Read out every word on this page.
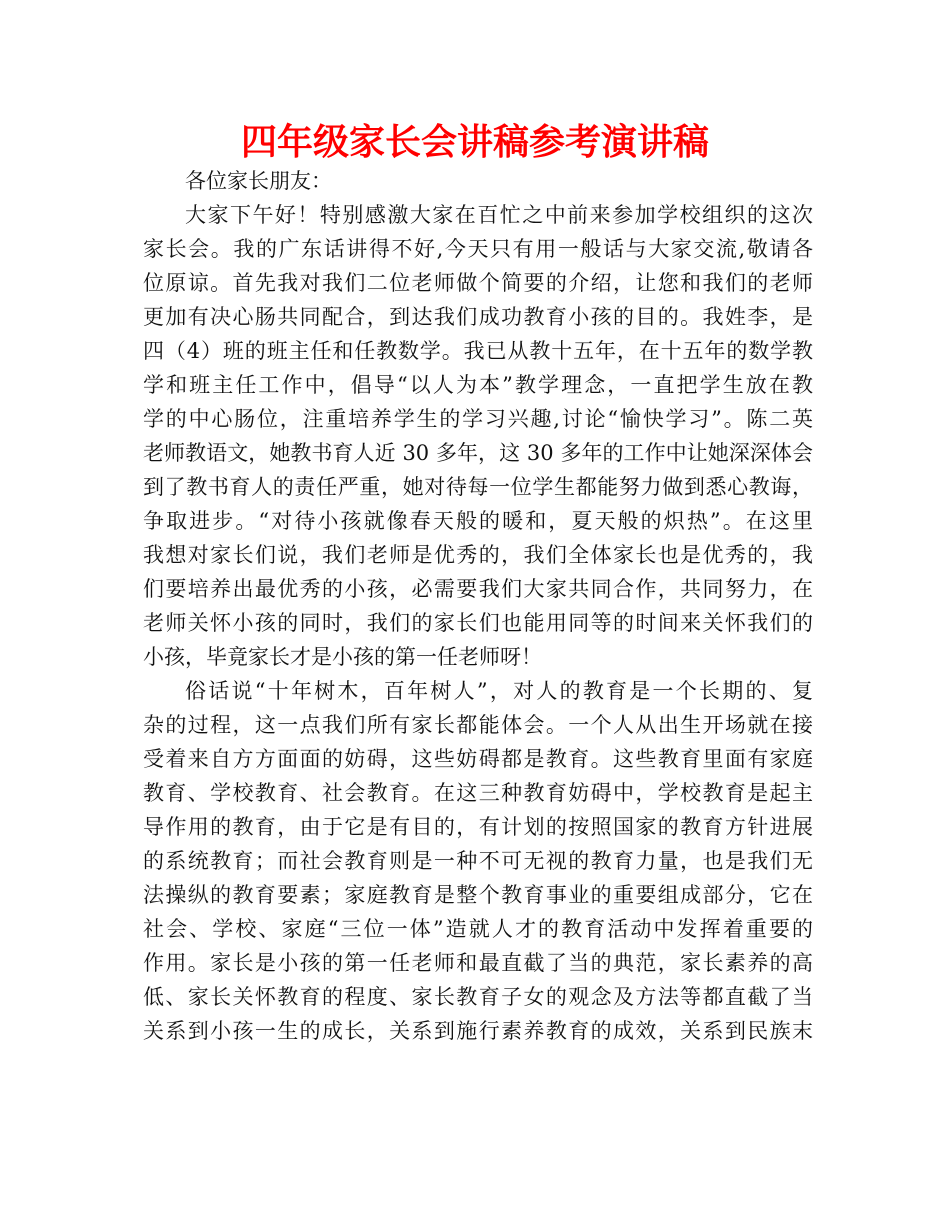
四年级家长会讲稿参考演讲稿
各位家长朋友：
大家下午好！特别感激大家在百忙之中前来参加学校组织的这次
家长会。我的广东话讲得不好,今天只有用一般话与大家交流,敬请各
位原谅。首先我对我们二位老师做个简要的介绍，让您和我们的老师
更加有决心肠共同配合，到达我们成功教育小孩的目的。我姓李，是
四（4）班的班主任和任教数学。我已从教十五年，在十五年的数学教
学和班主任工作中，倡导“以人为本”教学理念，一直把学生放在教
学的中心肠位，注重培养学生的学习兴趣,讨论“愉快学习”。陈二英
老师教语文，她教书育人近 30 多年，这 30 多年的工作中让她深深体会
到了教书育人的责任严重，她对待每一位学生都能努力做到悉心教诲，
争取进步。“对待小孩就像春天般的暖和，夏天般的炽热”。在这里
我想对家长们说，我们老师是优秀的，我们全体家长也是优秀的，我
们要培养出最优秀的小孩，必需要我们大家共同合作，共同努力，在
老师关怀小孩的同时，我们的家长们也能用同等的时间来关怀我们的
小孩，毕竟家长才是小孩的第一任老师呀！
俗话说“十年树木，百年树人”，对人的教育是一个长期的、复
杂的过程，这一点我们所有家长都能体会。一个人从出生开场就在接
受着来自方方面面的妨碍，这些妨碍都是教育。这些教育里面有家庭
教育、学校教育、社会教育。在这三种教育妨碍中，学校教育是起主
导作用的教育，由于它是有目的，有计划的按照国家的教育方针进展
的系统教育；而社会教育则是一种不可无视的教育力量，也是我们无
法操纵的教育要素；家庭教育是整个教育事业的重要组成部分，它在
社会、学校、家庭“三位一体”造就人才的教育活动中发挥着重要的
作用。家长是小孩的第一任老师和最直截了当的典范，家长素养的高
低、家长关怀教育的程度、家长教育子女的观念及方法等都直截了当
关系到小孩一生的成长，关系到施行素养教育的成效，关系到民族末
